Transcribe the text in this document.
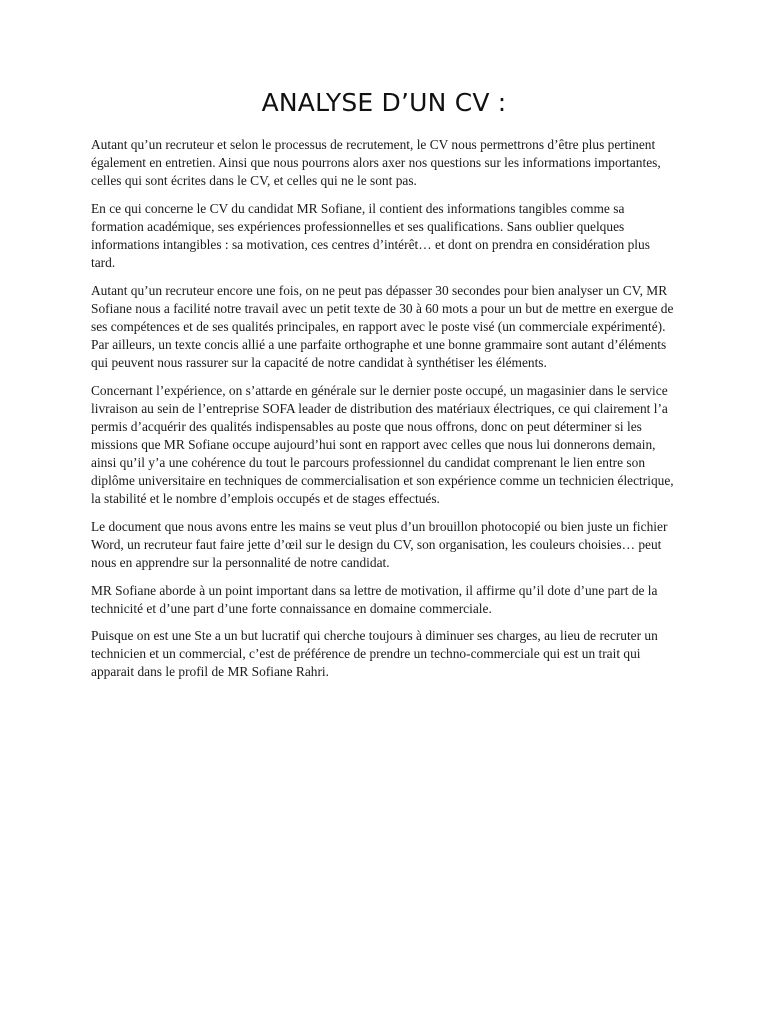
ANALYSE D’UN CV :

Autant qu’un recruteur et selon le processus de recrutement, le CV nous permettrons d’être plus pertinent également en entretien. Ainsi que nous pourrons alors axer nos questions sur les informations importantes, celles qui sont écrites dans le CV, et celles qui ne le sont pas.

En ce qui concerne le CV du candidat MR Sofiane, il contient des informations tangibles comme sa formation académique, ses expériences professionnelles et ses qualifications. Sans oublier quelques informations intangibles : sa motivation, ces centres d’intérêt… et dont on prendra en considération plus tard.

Autant qu’un recruteur encore une fois, on ne peut pas dépasser 30 secondes pour bien analyser un CV, MR Sofiane nous a facilité notre travail avec un petit texte de 30 à 60 mots a pour un but de mettre en exergue de ses compétences et de ses qualités principales, en rapport avec le poste visé (un commerciale expérimenté). Par ailleurs, un texte concis allié a une parfaite orthographe et une bonne grammaire sont autant d’éléments qui peuvent nous rassurer sur la capacité de notre candidat à synthétiser les éléments.

Concernant l’expérience, on s’attarde en générale sur le dernier poste occupé, un magasinier dans le service livraison au sein de l’entreprise SOFA leader de distribution des matériaux électriques, ce qui clairement l’a permis d’acquérir des qualités indispensables au poste que nous offrons, donc on peut déterminer si les missions que MR Sofiane occupe aujourd’hui sont en rapport avec celles que nous lui donnerons demain, ainsi qu’il y’a une cohérence du tout le parcours professionnel du candidat comprenant le lien entre son diplôme universitaire en techniques de commercialisation et son expérience comme un technicien électrique, la stabilité et le nombre d’emplois occupés et de stages effectués.

Le document que nous avons entre les mains se veut plus d’un brouillon photocopié ou bien juste un fichier Word, un recruteur faut faire jette d’œil sur le design du CV, son organisation, les couleurs choisies… peut nous en apprendre sur la personnalité de notre candidat.

MR Sofiane aborde à un point important dans sa lettre de motivation, il affirme qu’il dote d’une part de la technicité et d’une part d’une forte connaissance en domaine commerciale.

Puisque on est une Ste a un but lucratif qui cherche toujours à diminuer ses charges, au lieu de recruter un technicien et un commercial, c’est de préférence de prendre un techno-commerciale qui est un trait qui apparait dans le profil de MR Sofiane Rahri.
